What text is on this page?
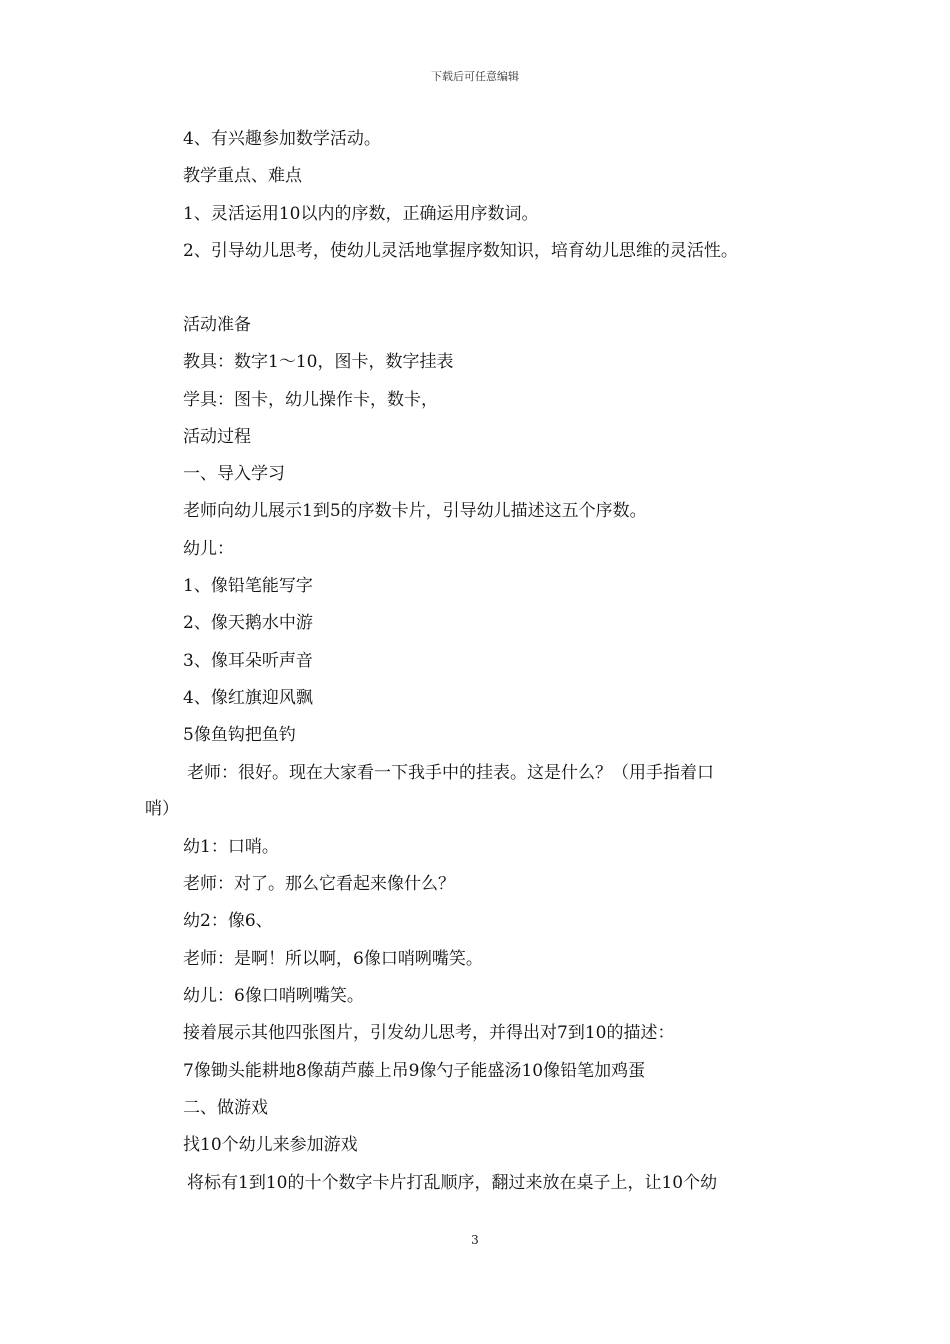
下载后可任意编辑
4、有兴趣参加数学活动。
教学重点、难点
1、灵活运用10以内的序数，正确运用序数词。
2、引导幼儿思考，使幼儿灵活地掌握序数知识，培育幼儿思维的灵活性。
活动准备
教具：数字1～10，图卡，数字挂表
学具：图卡，幼儿操作卡，数卡，
活动过程
一、导入学习
老师向幼儿展示1到5的序数卡片，引导幼儿描述这五个序数。
幼儿：
1、像铅笔能写字
2、像天鹅水中游
3、像耳朵听声音
4、像红旗迎风飘
5像鱼钩把鱼钓
老师：很好。现在大家看一下我手中的挂表。这是什么？（用手指着口
哨）
幼1：口哨。
老师：对了。那么它看起来像什么？
幼2：像6、
老师：是啊！所以啊，6像口哨咧嘴笑。
幼儿：6像口哨咧嘴笑。
接着展示其他四张图片，引发幼儿思考，并得出对7到10的描述：
7像锄头能耕地8像葫芦藤上吊9像勺子能盛汤10像铅笔加鸡蛋
二、做游戏
找10个幼儿来参加游戏
将标有1到10的十个数字卡片打乱顺序，翻过来放在桌子上，让10个幼
3
